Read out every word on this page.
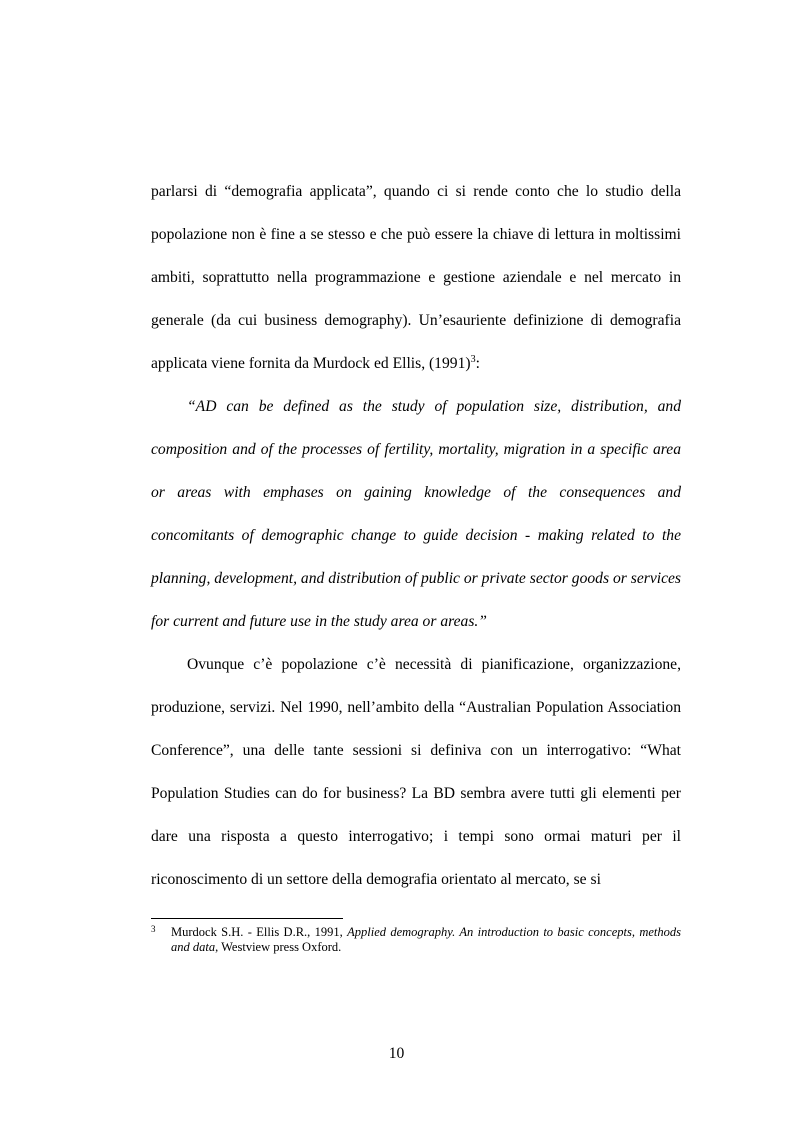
parlarsi di “demografia applicata”, quando ci si rende conto che lo studio della popolazione non è fine a se stesso e che può essere la chiave di lettura in moltissimi ambiti, soprattutto nella programmazione e gestione aziendale e nel mercato in generale (da cui business demography). Un’esauriente definizione di demografia applicata viene fornita da Murdock ed Ellis, $(1991)^3$:

“AD can be defined as the study of population size, distribution, and composition and of the processes of fertility, mortality, migration in a specific area or areas with emphases on gaining knowledge of the consequences and concomitants of demographic change to guide decision - making related to the planning, development, and distribution of public or private sector goods or services for current and future use in the study area or areas.”

Ovunque c’è popolazione c’è necessità di pianificazione, organizzazione, produzione, servizi. Nel 1990, nell’ambito della “Australian Population Association Conference”, una delle tante sessioni si definiva con un interrogativo: “What Population Studies can do for business? La BD sembra avere tutti gli elementi per dare una risposta a questo interrogativo; i tempi sono ormai maturi per il riconoscimento di un settore della demografia orientato al mercato, se si

3 Murdock S.H. - Ellis D.R., 1991, Applied demography. An introduction to basic concepts, methods and data, Westview press Oxford.
10
